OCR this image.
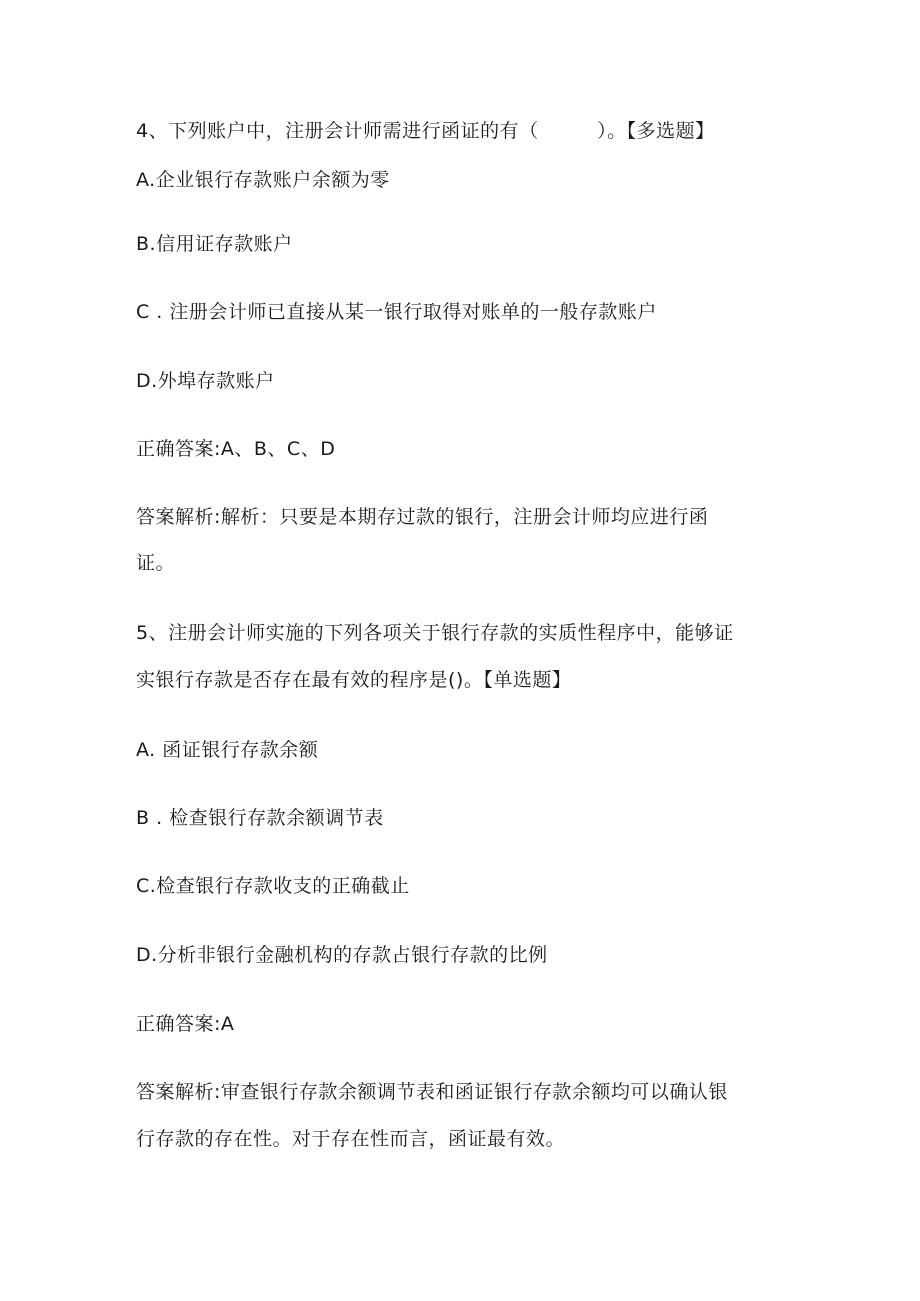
4、下列账户中，注册会计师需进行函证的有（　　　）。【多选题】
A.企业银行存款账户余额为零
B.信用证存款账户
C . 注册会计师已直接从某一银行取得对账单的一般存款账户
D.外埠存款账户
正确答案:A、B、C、D
答案解析:解析：只要是本期存过款的银行，注册会计师均应进行函
证。
5、注册会计师实施的下列各项关于银行存款的实质性程序中，能够证
实银行存款是否存在最有效的程序是()。【单选题】
A. 函证银行存款余额
B . 检查银行存款余额调节表
C.检查银行存款收支的正确截止
D.分析非银行金融机构的存款占银行存款的比例
正确答案:A
答案解析:审查银行存款余额调节表和函证银行存款余额均可以确认银
行存款的存在性。对于存在性而言，函证最有效。
